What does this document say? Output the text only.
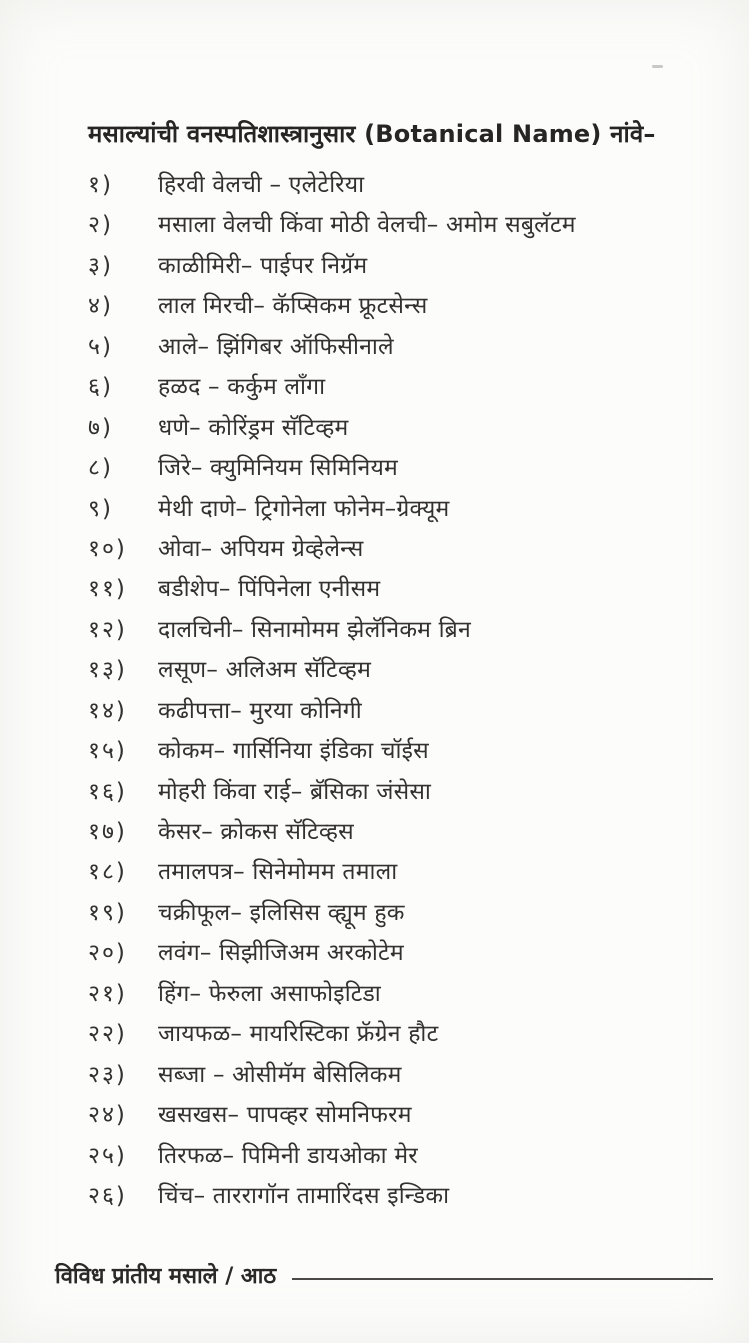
मसाल्यांची वनस्पतिशास्त्रानुसार (Botanical Name) नांवे–
१)	हिरवी वेलची – एलेटेरिया
२)	मसाला वेलची किंवा मोठी वेलची– अमोम सबुलॅटम
३)	काळीमिरी– पाईपर निग्रॅम
४)	लाल मिरची– कॅप्सिकम फ्रूटसेन्स
५)	आले– झिंगिबर ऑफिसीनाले
६)	हळद – कर्कुम लाँगा
७)	धणे– कोरिंड्रम सॅटिव्हम
८)	जिरे– क्युमिनियम सिमिनियम
९)	मेथी दाणे– ट्रिगोनेला फोनेम–ग्रेक्यूम
१०)	ओवा– अपियम ग्रेव्हेलेन्स
११)	बडीशेप– पिंपिनेला एनीसम
१२)	दालचिनी– सिनामोमम झेलॅनिकम ब्रिन
१३)	लसूण– अलिअम सॅटिव्हम
१४)	कढीपत्ता– मुरया कोनिगी
१५)	कोकम– गार्सिनिया इंडिका चॉईस
१६)	मोहरी किंवा राई– ब्रॅसिका जंसेसा
१७)	केसर– क्रोकस सॅटिव्हस
१८)	तमालपत्र– सिनेमोमम तमाला
१९)	चक्रीफूल– इलिसिस व्ह्यूम हुक
२०)	लवंग– सिझीजिअम अरकोटेम
२१)	हिंग– फेरुला असाफोइटिडा
२२)	जायफळ– मायरिस्टिका फ्रॅग्रेन हौट
२३)	सब्जा – ओसीमॅम बेसिलिकम
२४)	खसखस– पापव्हर सोमनिफरम
२५)	तिरफळ– पिमिनी डायओका मेर
२६)	चिंच– ताररागॉन तामारिंदस इन्डिका
विविध प्रांतीय मसाले / आठ
